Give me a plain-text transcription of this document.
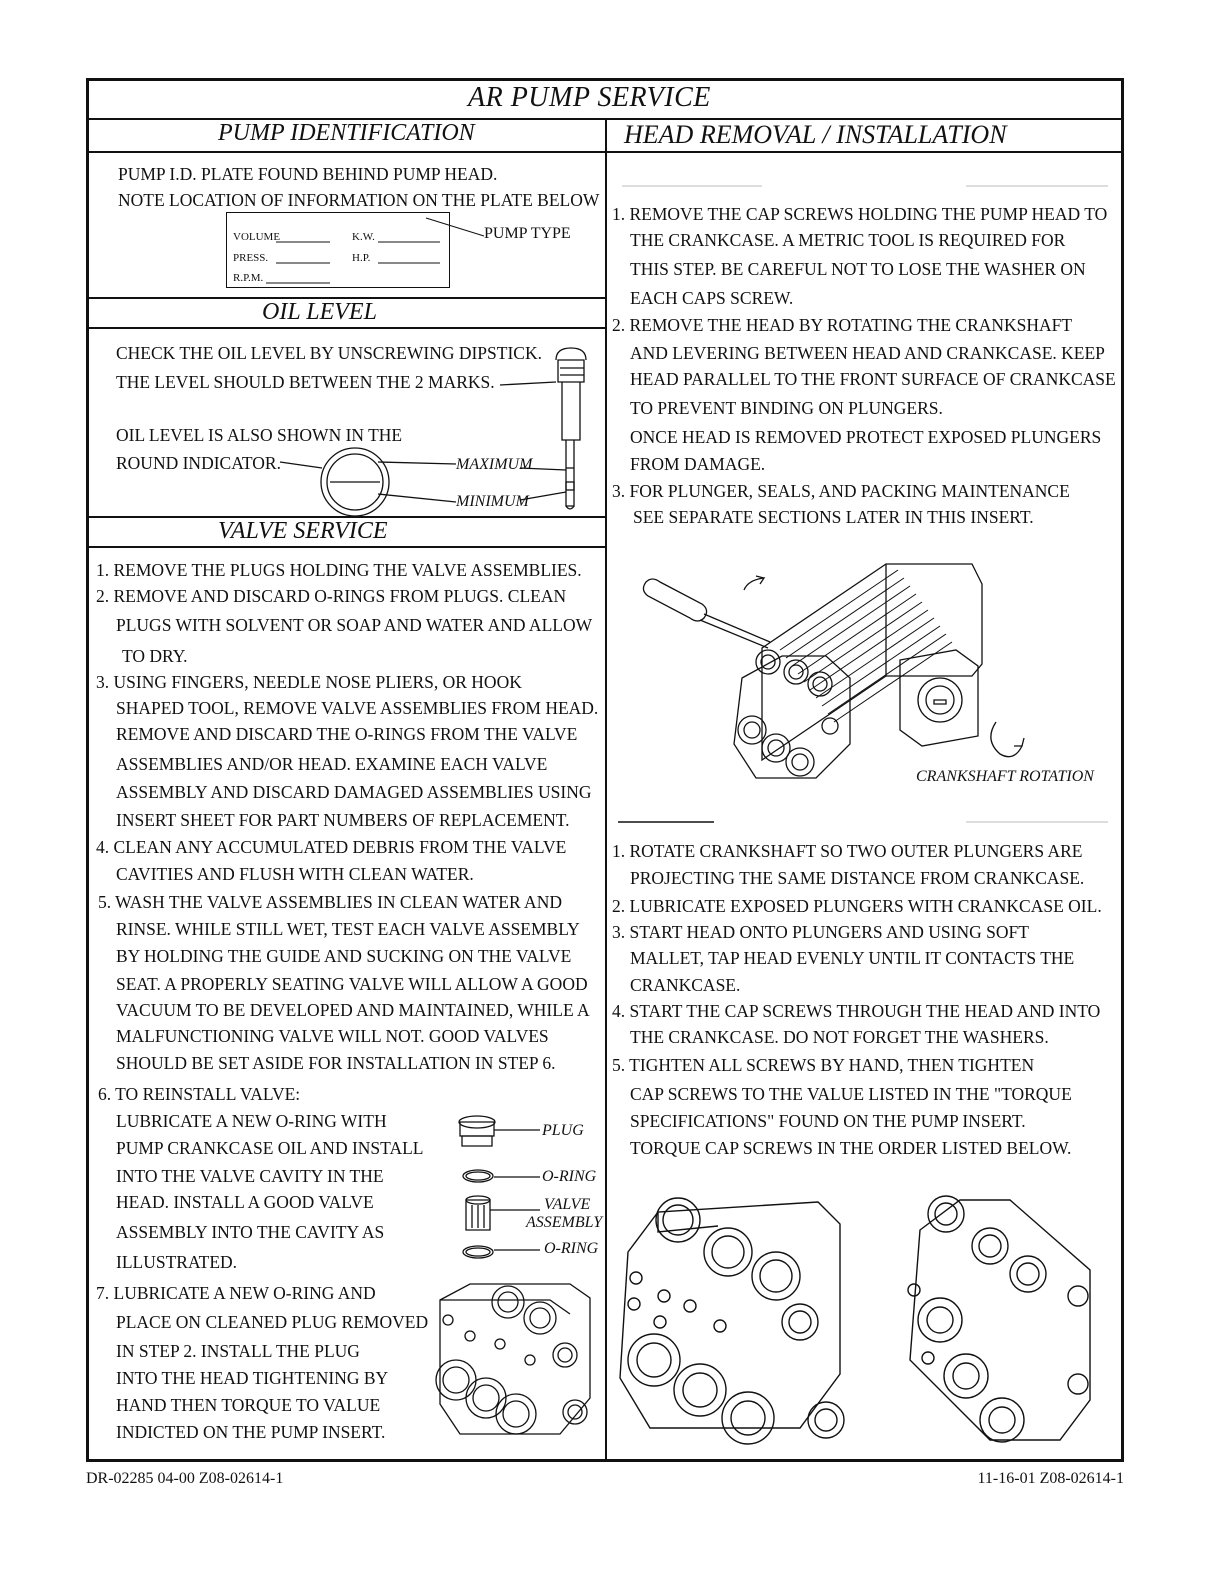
AR PUMP SERVICE
PUMP IDENTIFICATION
PUMP I.D. PLATE FOUND BEHIND PUMP HEAD.
NOTE LOCATION OF INFORMATION ON THE PLATE BELOW
VOLUME	K.W.
PRESS.	H.P.
R.P.M.
PUMP TYPE
OIL LEVEL
CHECK THE OIL LEVEL BY UNSCREWING DIPSTICK.
THE LEVEL SHOULD BETWEEN THE 2 MARKS.
OIL LEVEL IS ALSO SHOWN IN THE
ROUND INDICATOR.	MAXIMUM
MINIMUM
VALVE SERVICE
1. REMOVE THE PLUGS HOLDING THE VALVE ASSEMBLIES.
2. REMOVE AND DISCARD O-RINGS FROM PLUGS. CLEAN
PLUGS WITH SOLVENT OR SOAP AND WATER AND ALLOW
TO DRY.
3. USING FINGERS, NEEDLE NOSE PLIERS, OR HOOK
SHAPED TOOL, REMOVE VALVE ASSEMBLIES FROM HEAD.
REMOVE AND DISCARD THE O-RINGS FROM THE VALVE
ASSEMBLIES AND/OR HEAD. EXAMINE EACH VALVE
ASSEMBLY AND DISCARD DAMAGED ASSEMBLIES USING
INSERT SHEET FOR PART NUMBERS OF REPLACEMENT.
4. CLEAN ANY ACCUMULATED DEBRIS FROM THE VALVE
CAVITIES AND FLUSH WITH CLEAN WATER.
5. WASH THE VALVE ASSEMBLIES IN CLEAN WATER AND
RINSE. WHILE STILL WET, TEST EACH VALVE ASSEMBLY
BY HOLDING THE GUIDE AND SUCKING ON THE VALVE
SEAT. A PROPERLY SEATING VALVE WILL ALLOW A GOOD
VACUUM TO BE DEVELOPED AND MAINTAINED, WHILE A
MALFUNCTIONING VALVE WILL NOT. GOOD VALVES
SHOULD BE SET ASIDE FOR INSTALLATION IN STEP 6.
6. TO REINSTALL VALVE:
LUBRICATE A NEW O-RING WITH
PUMP CRANKCASE OIL AND INSTALL
INTO THE VALVE CAVITY IN THE
HEAD. INSTALL A GOOD VALVE
ASSEMBLY INTO THE CAVITY AS
ILLUSTRATED.
7. LUBRICATE A NEW O-RING AND
PLACE ON CLEANED PLUG REMOVED
IN STEP 2. INSTALL THE PLUG
INTO THE HEAD TIGHTENING BY
HAND THEN TORQUE TO VALUE
INDICTED ON THE PUMP INSERT.
PLUG
O-RING
VALVE
ASSEMBLY
O-RING
HEAD REMOVAL / INSTALLATION
1. REMOVE THE CAP SCREWS HOLDING THE PUMP HEAD TO
THE CRANKCASE. A METRIC TOOL IS REQUIRED FOR
THIS STEP. BE CAREFUL NOT TO LOSE THE WASHER ON
EACH CAPS SCREW.
2. REMOVE THE HEAD BY ROTATING THE CRANKSHAFT
AND LEVERING BETWEEN HEAD AND CRANKCASE. KEEP
HEAD PARALLEL TO THE FRONT SURFACE OF CRANKCASE
TO PREVENT BINDING ON PLUNGERS.
ONCE HEAD IS REMOVED PROTECT EXPOSED PLUNGERS
FROM DAMAGE.
3. FOR PLUNGER, SEALS, AND PACKING MAINTENANCE
SEE SEPARATE SECTIONS LATER IN THIS INSERT.
CRANKSHAFT ROTATION
1. ROTATE CRANKSHAFT SO TWO OUTER PLUNGERS ARE
PROJECTING THE SAME DISTANCE FROM CRANKCASE.
2. LUBRICATE EXPOSED PLUNGERS WITH CRANKCASE OIL.
3. START HEAD ONTO PLUNGERS AND USING SOFT
MALLET, TAP HEAD EVENLY UNTIL IT CONTACTS THE
CRANKCASE.
4. START THE CAP SCREWS THROUGH THE HEAD AND INTO
THE CRANKCASE. DO NOT FORGET THE WASHERS.
5. TIGHTEN ALL SCREWS BY HAND, THEN TIGHTEN
CAP SCREWS TO THE VALUE LISTED IN THE "TORQUE
SPECIFICATIONS" FOUND ON THE PUMP INSERT.
TORQUE CAP SCREWS IN THE ORDER LISTED BELOW.
DR-02285 04-00 Z08-02614-1	11-16-01 Z08-02614-1
